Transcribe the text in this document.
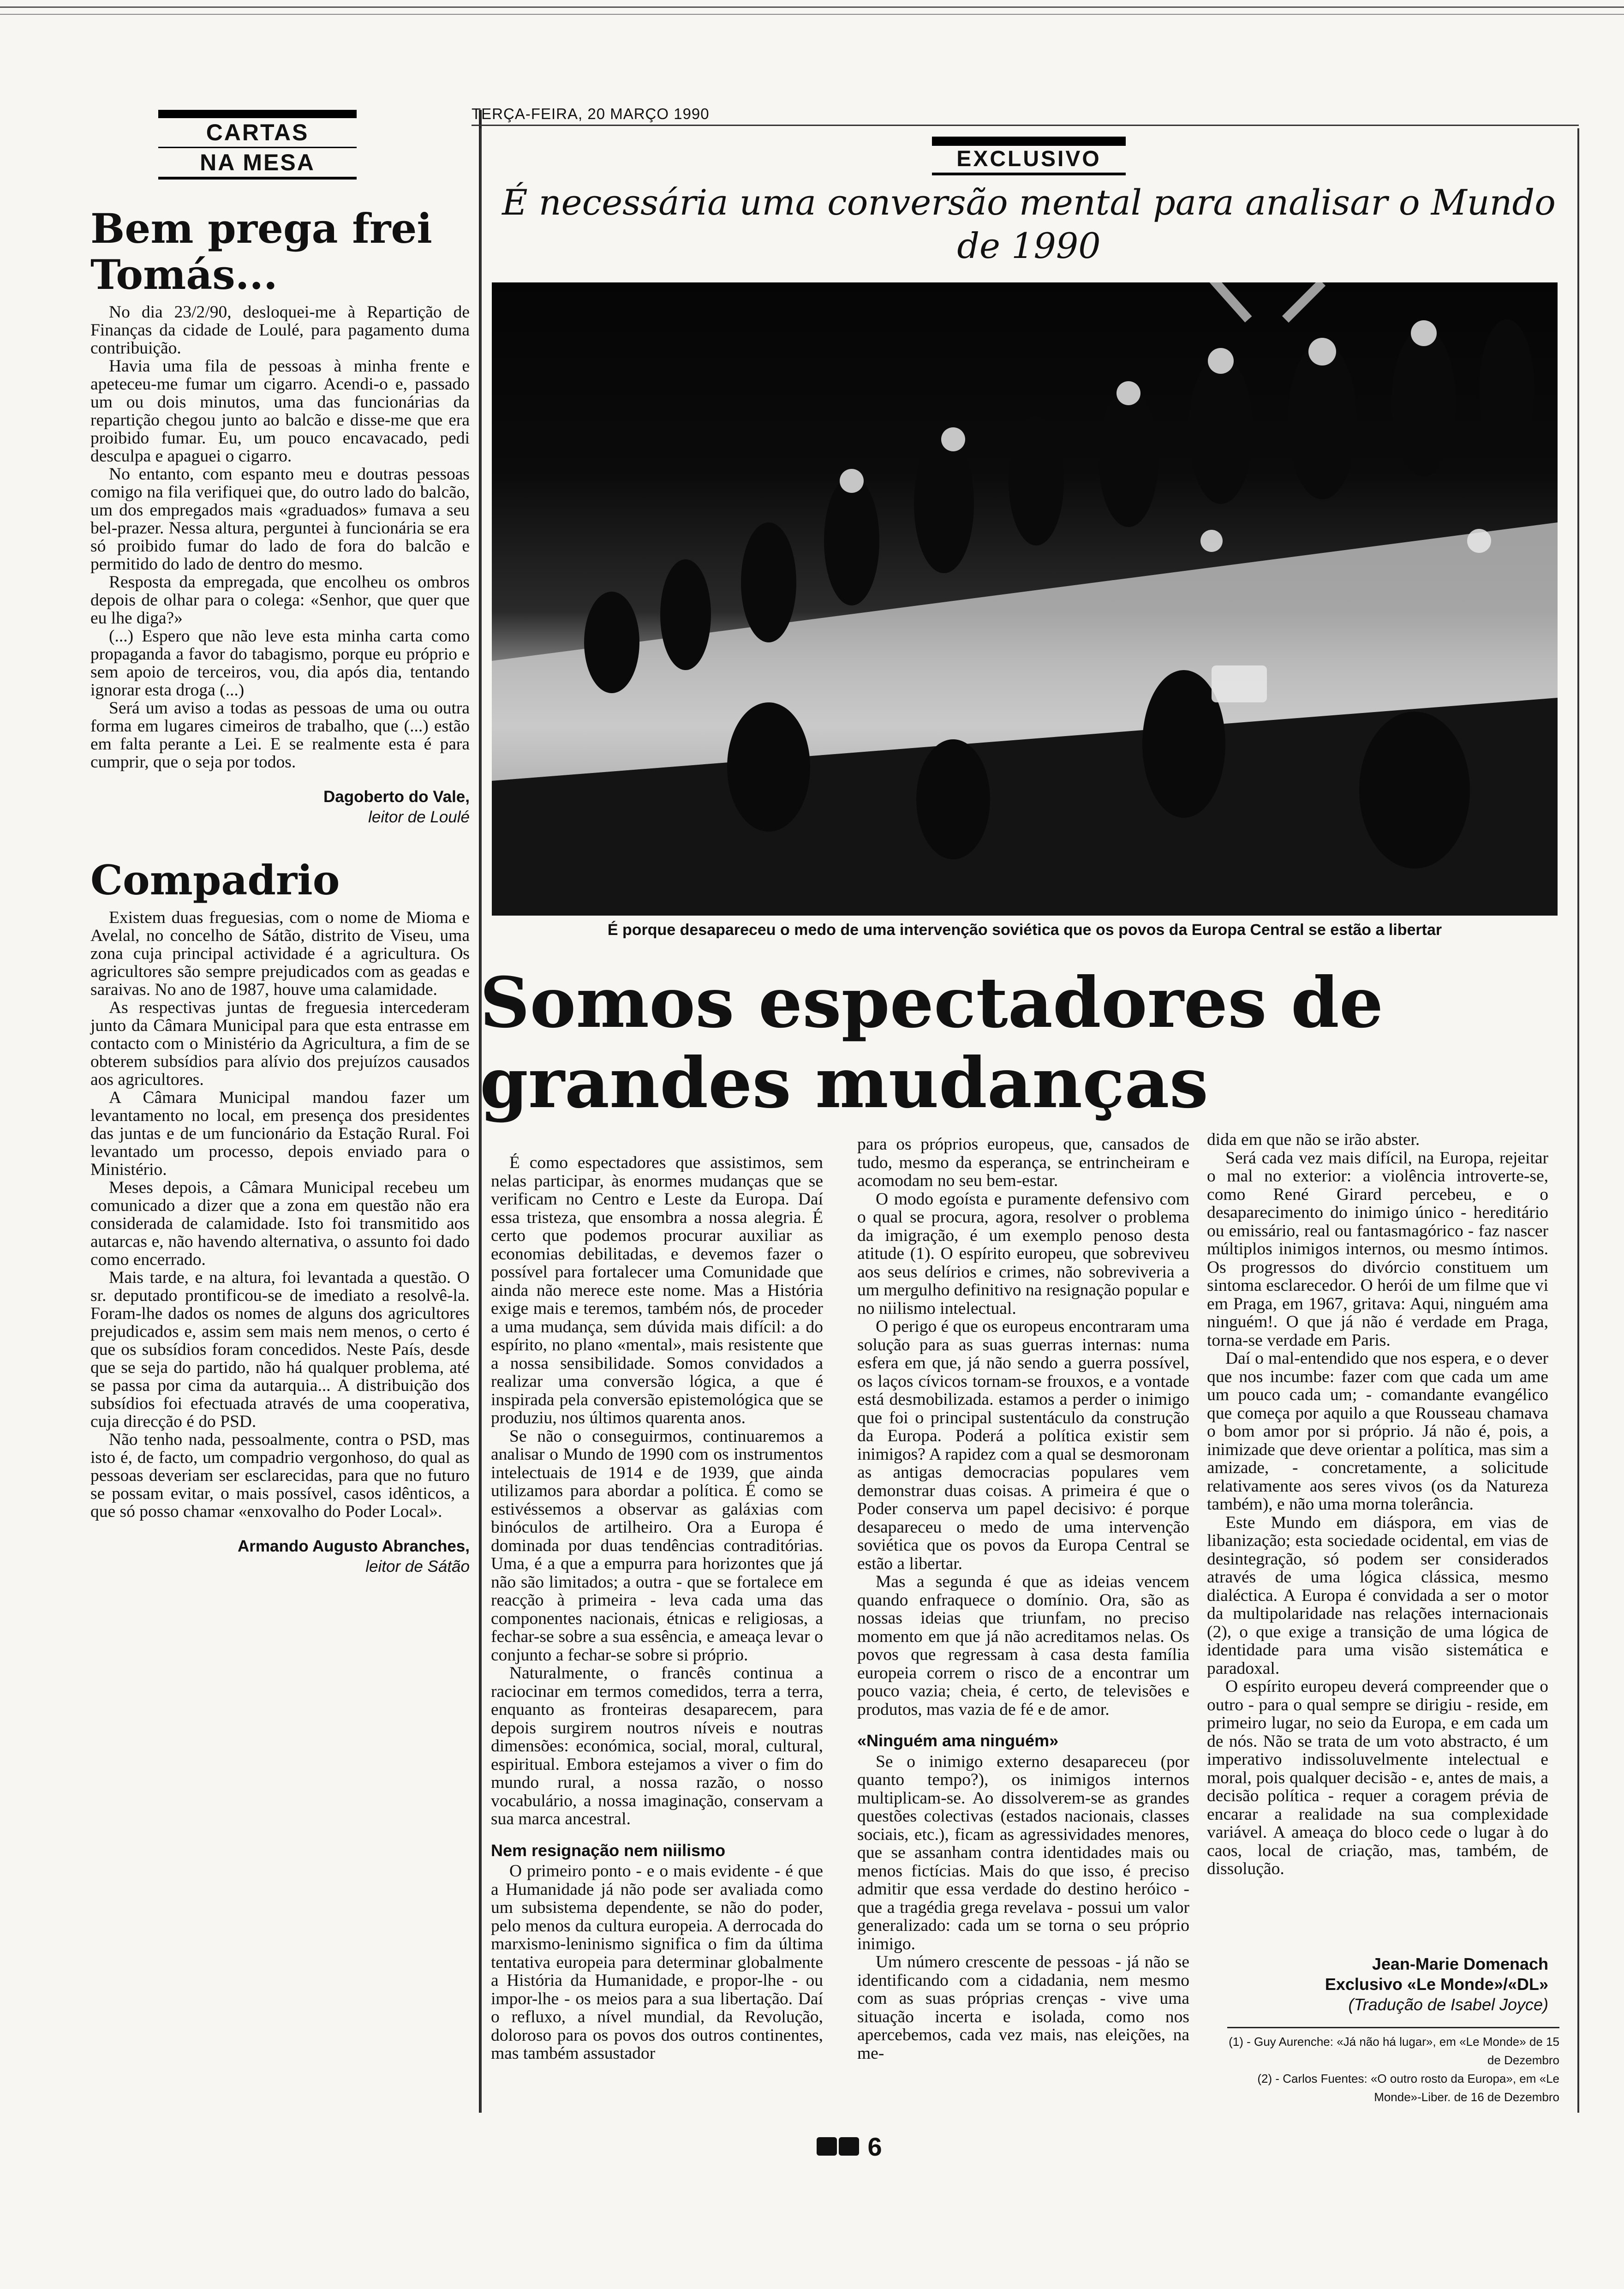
CARTAS
NA MESA
Bem prega frei Tomás...

No dia 23/2/90, desloquei-me à Repartição de Finanças da cidade de Loulé, para pagamento duma contribuição.

Havia uma fila de pessoas à minha frente e apeteceu-me fumar um cigarro. Acendi-o e, passado um ou dois minutos, uma das funcionárias da repartição chegou junto ao balcão e disse-me que era proibido fumar. Eu, um pouco encavacado, pedi desculpa e apaguei o cigarro.

No entanto, com espanto meu e doutras pessoas comigo na fila verifiquei que, do outro lado do balcão, um dos empregados mais «graduados» fumava a seu bel-prazer. Nessa altura, perguntei à funcionária se era só proibido fumar do lado de fora do balcão e permitido do lado de dentro do mesmo.

Resposta da empregada, que encolheu os ombros depois de olhar para o colega: «Senhor, que quer que eu lhe diga?»

(...) Espero que não leve esta minha carta como propaganda a favor do tabagismo, porque eu próprio e sem apoio de terceiros, vou, dia após dia, tentando ignorar esta droga (...)

Será um aviso a todas as pessoas de uma ou outra forma em lugares cimeiros de trabalho, que (...) estão em falta perante a Lei. E se realmente esta é para cumprir, que o seja por todos.

Dagoberto do Vale,
leitor de Loulé
Compadrio

Existem duas freguesias, com o nome de Mioma e Avelal, no concelho de Sátão, distrito de Viseu, uma zona cuja principal actividade é a agricultura. Os agricultores são sempre prejudicados com as geadas e saraivas. No ano de 1987, houve uma calamidade.

As respectivas juntas de freguesia intercederam junto da Câmara Municipal para que esta entrasse em contacto com o Ministério da Agricultura, a fim de se obterem subsídios para alívio dos prejuízos causados aos agricultores.

A Câmara Municipal mandou fazer um levantamento no local, em presença dos presidentes das juntas e de um funcionário da Estação Rural. Foi levantado um processo, depois enviado para o Ministério.

Meses depois, a Câmara Municipal recebeu um comunicado a dizer que a zona em questão não era considerada de calamidade. Isto foi transmitido aos autarcas e, não havendo alternativa, o assunto foi dado como encerrado.

Mais tarde, e na altura, foi levantada a questão. O sr. deputado prontificou-se de imediato a resolvê-la. Foram-lhe dados os nomes de alguns dos agricultores prejudicados e, assim sem mais nem menos, o certo é que os subsídios foram concedidos. Neste País, desde que se seja do partido, não há qualquer problema, até se passa por cima da autarquia... A distribuição dos subsídios foi efectuada através de uma cooperativa, cuja direcção é do PSD.

Não tenho nada, pessoalmente, contra o PSD, mas isto é, de facto, um compadrio vergonhoso, do qual as pessoas deveriam ser esclarecidas, para que no futuro se possam evitar, o mais possível, casos idênticos, a que só posso chamar «enxovalho do Poder Local».

Armando Augusto Abranches,
leitor de Sátão
TERÇA-FEIRA, 20 MARÇO 1990
EXCLUSIVO
É necessária uma conversão mental para analisar o Mundo de 1990
É porque desapareceu o medo de uma intervenção soviética que os povos da Europa Central se estão a libertar
Somos espectadores de grandes mudanças

É como espectadores que assistimos, sem nelas participar, às enormes mudanças que se verificam no Centro e Leste da Europa. Daí essa tristeza, que ensombra a nossa alegria. É certo que podemos procurar auxiliar as economias debilitadas, e devemos fazer o possível para fortalecer uma Comunidade que ainda não merece este nome. Mas a História exige mais e teremos, também nós, de proceder a uma mudança, sem dúvida mais difícil: a do espírito, no plano «mental», mais resistente que a nossa sensibilidade. Somos convidados a realizar uma conversão lógica, a que é inspirada pela conversão epistemológica que se produziu, nos últimos quarenta anos.

Se não o conseguirmos, continuaremos a analisar o Mundo de 1990 com os instrumentos intelectuais de 1914 e de 1939, que ainda utilizamos para abordar a política. É como se estivéssemos a observar as galáxias com binóculos de artilheiro. Ora a Europa é dominada por duas tendências contraditórias. Uma, é a que a empurra para horizontes que já não são limitados; a outra - que se fortalece em reacção à primeira - leva cada uma das componentes nacionais, étnicas e religiosas, a fechar-se sobre a sua essência, e ameaça levar o conjunto a fechar-se sobre si próprio.

Naturalmente, o francês continua a raciocinar em termos comedidos, terra a terra, enquanto as fronteiras desaparecem, para depois surgirem noutros níveis e noutras dimensões: económica, social, moral, cultural, espiritual. Embora estejamos a viver o fim do mundo rural, a nossa razão, o nosso vocabulário, a nossa imaginação, conservam a sua marca ancestral.

Nem resignação nem niilismo

O primeiro ponto - e o mais evidente - é que a Humanidade já não pode ser avaliada como um subsistema dependente, se não do poder, pelo menos da cultura europeia. A derrocada do marxismo-leninismo significa o fim da última tentativa europeia para determinar globalmente a História da Humanidade, e propor-lhe - ou impor-lhe - os meios para a sua libertação. Daí o refluxo, a nível mundial, da Revolução, doloroso para os povos dos outros continentes, mas também assustador

para os próprios europeus, que, cansados de tudo, mesmo da esperança, se entrincheiram e acomodam no seu bem-estar.

O modo egoísta e puramente defensivo com o qual se procura, agora, resolver o problema da imigração, é um exemplo penoso desta atitude (1). O espírito europeu, que sobreviveu aos seus delírios e crimes, não sobreviveria a um mergulho definitivo na resignação popular e no niilismo intelectual.

O perigo é que os europeus encontraram uma solução para as suas guerras internas: numa esfera em que, já não sendo a guerra possível, os laços cívicos tornam-se frouxos, e a vontade está desmobilizada. estamos a perder o inimigo que foi o principal sustentáculo da construção da Europa. Poderá a política existir sem inimigos? A rapidez com a qual se desmoronam as antigas democracias populares vem demonstrar duas coisas. A primeira é que o Poder conserva um papel decisivo: é porque desapareceu o medo de uma intervenção soviética que os povos da Europa Central se estão a libertar.

Mas a segunda é que as ideias vencem quando enfraquece o domínio. Ora, são as nossas ideias que triunfam, no preciso momento em que já não acreditamos nelas. Os povos que regressam à casa desta família europeia correm o risco de a encontrar um pouco vazia; cheia, é certo, de televisões e produtos, mas vazia de fé e de amor.

«Ninguém ama ninguém»

Se o inimigo externo desapareceu (por quanto tempo?), os inimigos internos multiplicam-se. Ao dissolverem-se as grandes questões colectivas (estados nacionais, classes sociais, etc.), ficam as agressividades menores, que se assanham contra identidades mais ou menos fictícias. Mais do que isso, é preciso admitir que essa verdade do destino heróico - que a tragédia grega revelava - possui um valor generalizado: cada um se torna o seu próprio inimigo.

Um número crescente de pessoas - já não se identificando com a cidadania, nem mesmo com as suas próprias crenças - vive uma situação incerta e isolada, como nos apercebemos, cada vez mais, nas eleições, na me-

dida em que não se irão abster.

Será cada vez mais difícil, na Europa, rejeitar o mal no exterior: a violência introverte-se, como René Girard percebeu, e o desaparecimento do inimigo único - hereditário ou emissário, real ou fantasmagórico - faz nascer múltiplos inimigos internos, ou mesmo íntimos. Os progressos do divórcio constituem um sintoma esclarecedor. O herói de um filme que vi em Praga, em 1967, gritava: Aqui, ninguém ama ninguém!. O que já não é verdade em Praga, torna-se verdade em Paris.

Daí o mal-entendido que nos espera, e o dever que nos incumbe: fazer com que cada um ame um pouco cada um; - comandante evangélico que começa por aquilo a que Rousseau chamava o bom amor por si próprio. Já não é, pois, a inimizade que deve orientar a política, mas sim a amizade, - concretamente, a solicitude relativamente aos seres vivos (os da Natureza também), e não uma morna tolerância.

Este Mundo em diáspora, em vias de libanização; esta sociedade ocidental, em vias de desintegração, só podem ser considerados através de uma lógica clássica, mesmo dialéctica. A Europa é convidada a ser o motor da multipolaridade nas relações internacionais (2), o que exige a transição de uma lógica de identidade para uma visão sistemática e paradoxal.

O espírito europeu deverá compreender que o outro - para o qual sempre se dirigiu - reside, em primeiro lugar, no seio da Europa, e em cada um de nós. Não se trata de um voto abstracto, é um imperativo indissoluvelmente intelectual e moral, pois qualquer decisão - e, antes de mais, a decisão política - requer a coragem prévia de encarar a realidade na sua complexidade variável. A ameaça do bloco cede o lugar à do caos, local de criação, mas, também, de dissolução.

Jean-Marie Domenach
Exclusivo «Le Monde»/«DL»
(Tradução de Isabel Joyce)
(1) - Guy Aurenche: «Já não há lugar», em «Le Monde» de 15 de Dezembro
(2) - Carlos Fuentes: «O outro rosto da Europa», em «Le Monde»-Liber. de 16 de Dezembro
6
